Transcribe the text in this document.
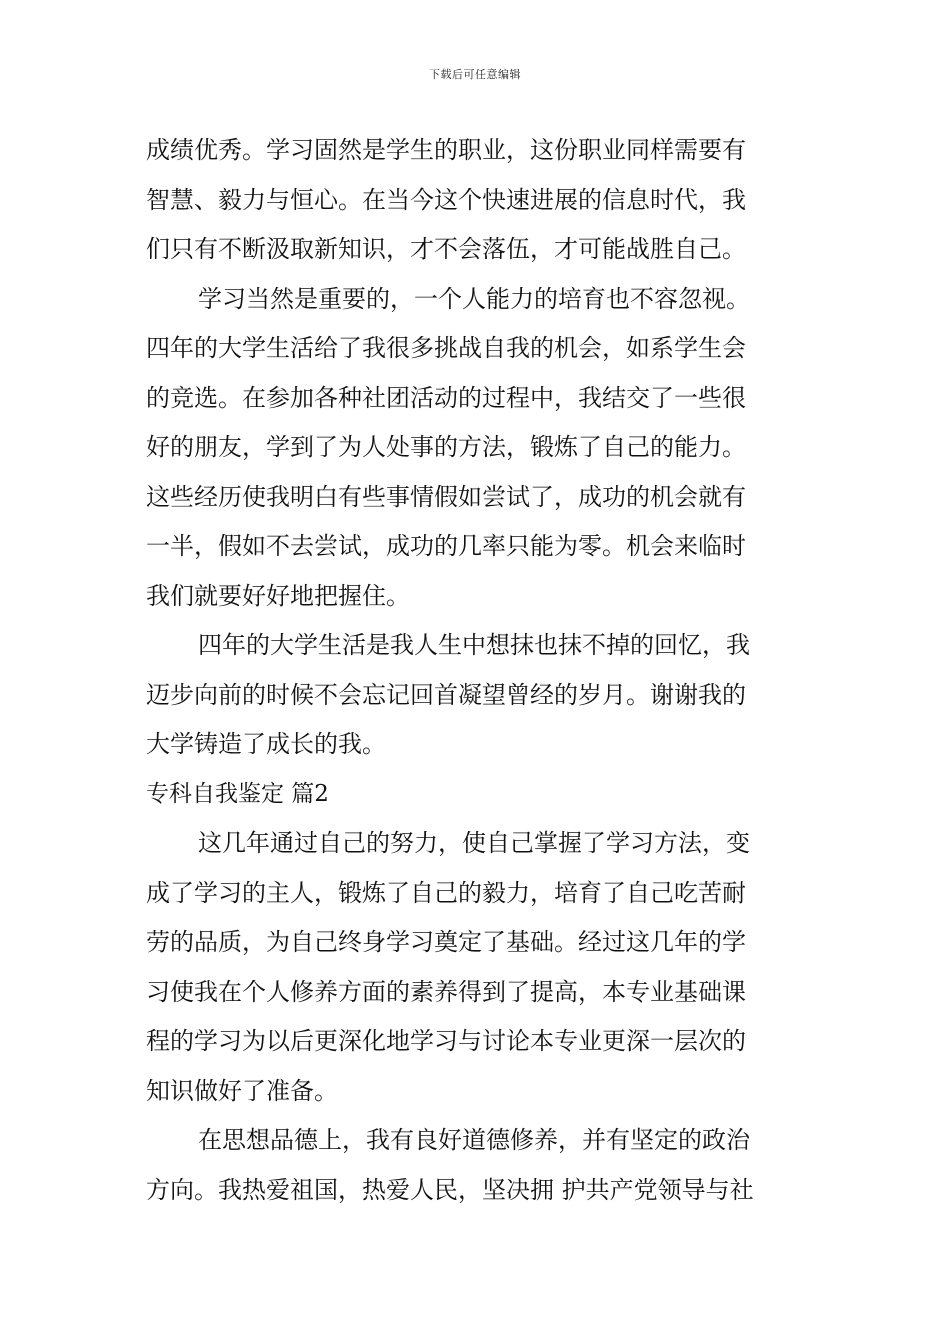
下载后可任意编辑
成绩优秀。学习固然是学生的职业，这份职业同样需要有
智慧、毅力与恒心。在当今这个快速进展的信息时代，我
们只有不断汲取新知识，才不会落伍，才可能战胜自己。
学习当然是重要的，一个人能力的培育也不容忽视。
四年的大学生活给了我很多挑战自我的机会，如系学生会
的竞选。在参加各种社团活动的过程中，我结交了一些很
好的朋友，学到了为人处事的方法，锻炼了自己的能力。
这些经历使我明白有些事情假如尝试了，成功的机会就有
一半，假如不去尝试，成功的几率只能为零。机会来临时
我们就要好好地把握住。
四年的大学生活是我人生中想抹也抹不掉的回忆，我
迈步向前的时候不会忘记回首凝望曾经的岁月。谢谢我的
大学铸造了成长的我。
专科自我鉴定 篇2
这几年通过自己的努力，使自己掌握了学习方法，变
成了学习的主人，锻炼了自己的毅力，培育了自己吃苦耐
劳的品质，为自己终身学习奠定了基础。经过这几年的学
习使我在个人修养方面的素养得到了提高，本专业基础课
程的学习为以后更深化地学习与讨论本专业更深一层次的
知识做好了准备。
在思想品德上，我有良好道德修养，并有坚定的政治
方向。我热爱祖国，热爱人民，坚决拥 护共产党领导与社
